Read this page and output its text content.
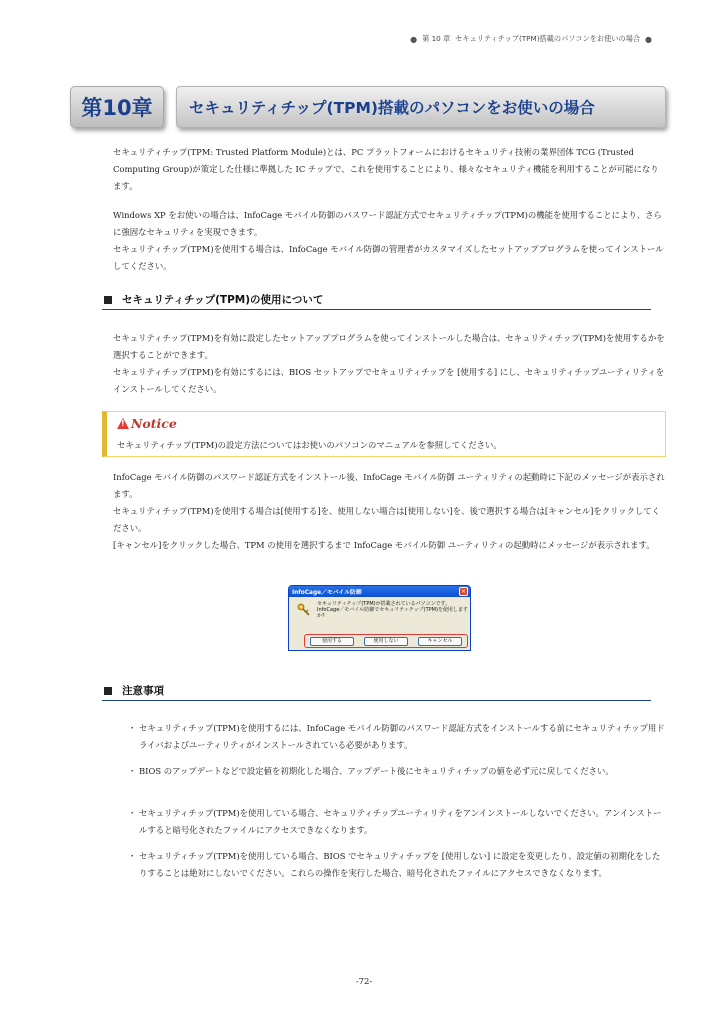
● 第 10 章 セキュリティチップ(TPM)搭載のパソコンをお使いの場合 ●
第10章	セキュリティチップ(TPM)搭載のパソコンをお使いの場合

セキュリティチップ(TPM: Trusted Platform Module)とは、PC プラットフォームにおけるセキュリティ技術の業界団体 TCG (Trusted Computing Group)が策定した仕様に準拠した IC チップで、これを使用することにより、様々なセキュリティ機能を利用することが可能になります。

Windows XP をお使いの場合は、InfoCage モバイル防御のパスワード認証方式でセキュリティチップ(TPM)の機能を使用することにより、さらに強固なセキュリティを実現できます。

セキュリティチップ(TPM)を使用する場合は、InfoCage モバイル防御の管理者がカスタマイズしたセットアッププログラムを使ってインストールしてください。

セキュリティチップ(TPM)の使用について

セキュリティチップ(TPM)を有効に設定したセットアッププログラムを使ってインストールした場合は、セキュリティチップ(TPM)を使用するかを選択することができます。

セキュリティチップ(TPM)を有効にするには、BIOS セットアップでセキュリティチップを [使用する] にし、セキュリティチップユーティリティをインストールしてください。

!
Notice
セキュリティチップ(TPM)の設定方法についてはお使いのパソコンのマニュアルを参照してください。

InfoCage モバイル防御のパスワード認証方式をインストール後、InfoCage モバイル防御 ユーティリティの起動時に下記のメッセージが表示されます。

セキュリティチップ(TPM)を使用する場合は[使用する]を、使用しない場合は[使用しない]を、後で選択する場合は[キャンセル]をクリックしてください。

[キャンセル]をクリックした場合、TPM の使用を選択するまで InfoCage モバイル防御 ユーティリティの起動時にメッセージが表示されます。

InfoCage／モバイル防御	×
セキュリティチップ(TPM)が搭載されているパソコンです。InfoCage／モバイル防御でセキュリティチップ(TPM)を使用しますか?
使用する	使用しない	キャンセル
注意事項
・ セキュリティチップ(TPM)を使用するには、InfoCage モバイル防御のパスワード認証方式をインストールする前にセキュリティチップ用ドライバおよびユーティリティがインストールされている必要があります。
・ BIOS のアップデートなどで設定値を初期化した場合、アップデート後にセキュリティチップの値を必ず元に戻してください。
・ セキュリティチップ(TPM)を使用している場合、セキュリティチップユーティリティをアンインストールしないでください。アンインストールすると暗号化されたファイルにアクセスできなくなります。
・ セキュリティチップ(TPM)を使用している場合、BIOS でセキュリティチップを [使用しない] に設定を変更したり、設定値の初期化をしたりすることは絶対にしないでください。これらの操作を実行した場合、暗号化されたファイルにアクセスできなくなります。
-72-
